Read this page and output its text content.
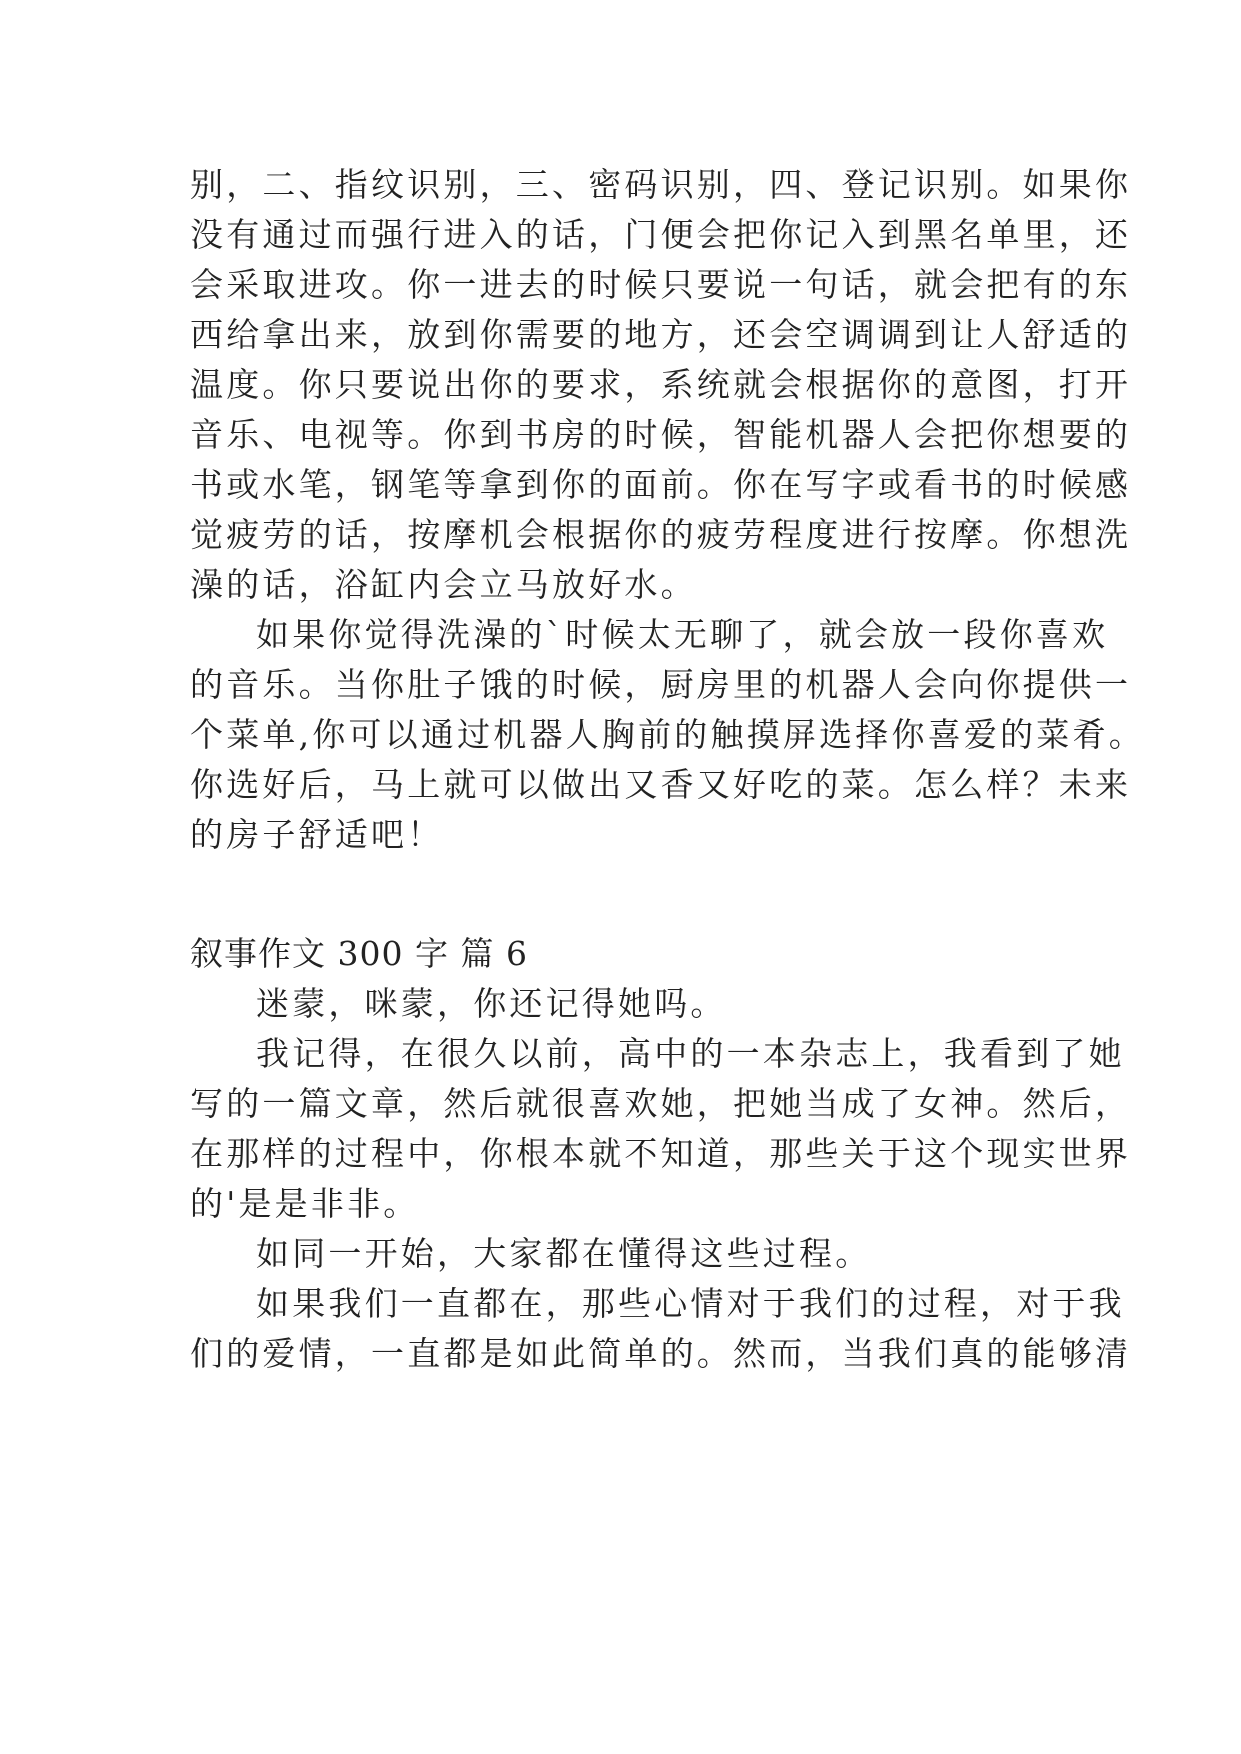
别，二、指纹识别，三、密码识别，四、登记识别。如果你
没有通过而强行进入的话，门便会把你记入到黑名单里，还
会采取进攻。你一进去的时候只要说一句话，就会把有的东
西给拿出来，放到你需要的地方，还会空调调到让人舒适的
温度。你只要说出你的要求，系统就会根据你的意图，打开
音乐、电视等。你到书房的时候，智能机器人会把你想要的
书或水笔，钢笔等拿到你的面前。你在写字或看书的时候感
觉疲劳的话，按摩机会根据你的疲劳程度进行按摩。你想洗
澡的话，浴缸内会立马放好水。
如果你觉得洗澡的`时候太无聊了，就会放一段你喜欢
的音乐。当你肚子饿的时候，厨房里的机器人会向你提供一
个菜单,你可以通过机器人胸前的触摸屏选择你喜爱的菜肴。
你选好后，马上就可以做出又香又好吃的菜。怎么样？未来
的房子舒适吧！
叙事作文 300 字 篇 6
迷蒙，咪蒙，你还记得她吗。
我记得，在很久以前，高中的一本杂志上，我看到了她
写的一篇文章，然后就很喜欢她，把她当成了女神。然后，
在那样的过程中，你根本就不知道，那些关于这个现实世界
的'是是非非。
如同一开始，大家都在懂得这些过程。
如果我们一直都在，那些心情对于我们的过程，对于我
们的爱情，一直都是如此简单的。然而，当我们真的能够清
